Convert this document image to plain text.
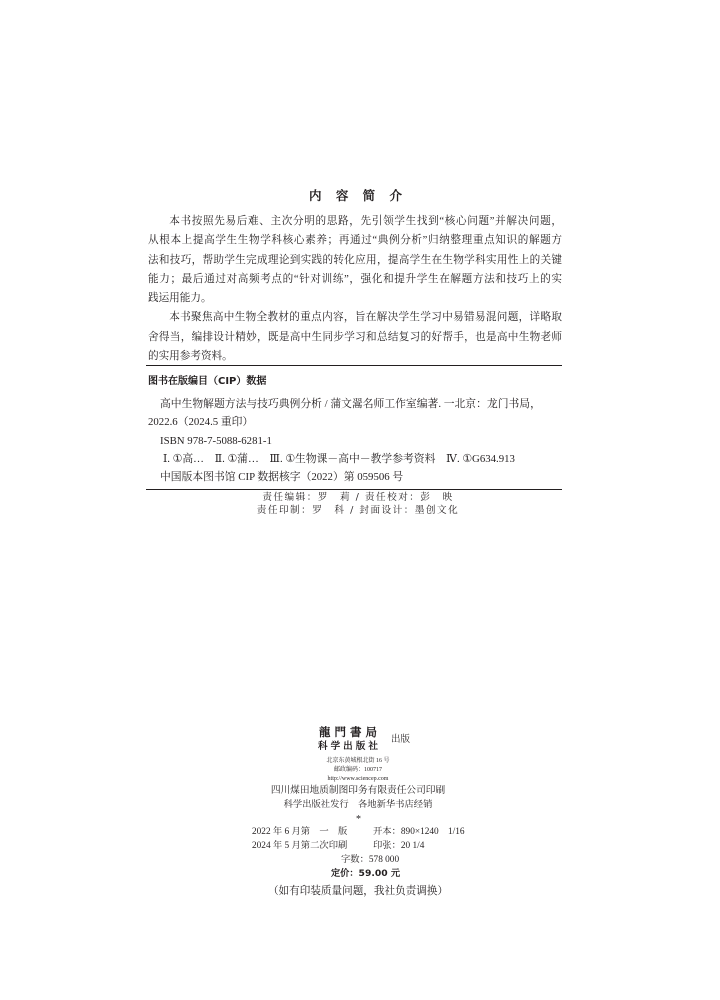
内 容 简 介
本书按照先易后难、主次分明的思路，先引领学生找到“核心问题”并解决问题，
从根本上提高学生生物学科核心素养；再通过“典例分析”归纳整理重点知识的解题方
法和技巧，帮助学生完成理论到实践的转化应用，提高学生在生物学科实用性上的关键
能力；最后通过对高频考点的“针对训练”，强化和提升学生在解题方法和技巧上的实
践运用能力。
本书聚焦高中生物全教材的重点内容，旨在解决学生学习中易错易混问题，详略取
舍得当，编排设计精妙，既是高中生同步学习和总结复习的好帮手，也是高中生物老师
的实用参考资料。
图书在版编目（CIP）数据
高中生物解题方法与技巧典例分析 / 蒲文翯名师工作室编著. 一北京：龙门书局，
2022.6（2024.5 重印）
ISBN 978-7-5088-6281-1
Ⅰ. ①高…　Ⅱ. ①蒲…　Ⅲ. ①生物课－高中－教学参考资料　Ⅳ. ①G634.913
中国版本图书馆 CIP 数据核字（2022）第 059506 号
责任编辑：罗　莉 / 责任校对：彭　映
责任印制：罗　科 / 封面设计：墨创文化
龍門書局
科学出版社
出版
北京东黄城根北街 16 号
邮政编码：100717
http://www.sciencep.com
四川煤田地质制图印务有限责任公司印刷
科学出版社发行　各地新华书店经销
*
2022 年 6 月第　一　版	开本：890×1240　1/16
2024 年 5 月第二次印刷	印张：20 1/4
字数：578 000
定价：59.00 元
（如有印装质量问题，我社负责调换）
